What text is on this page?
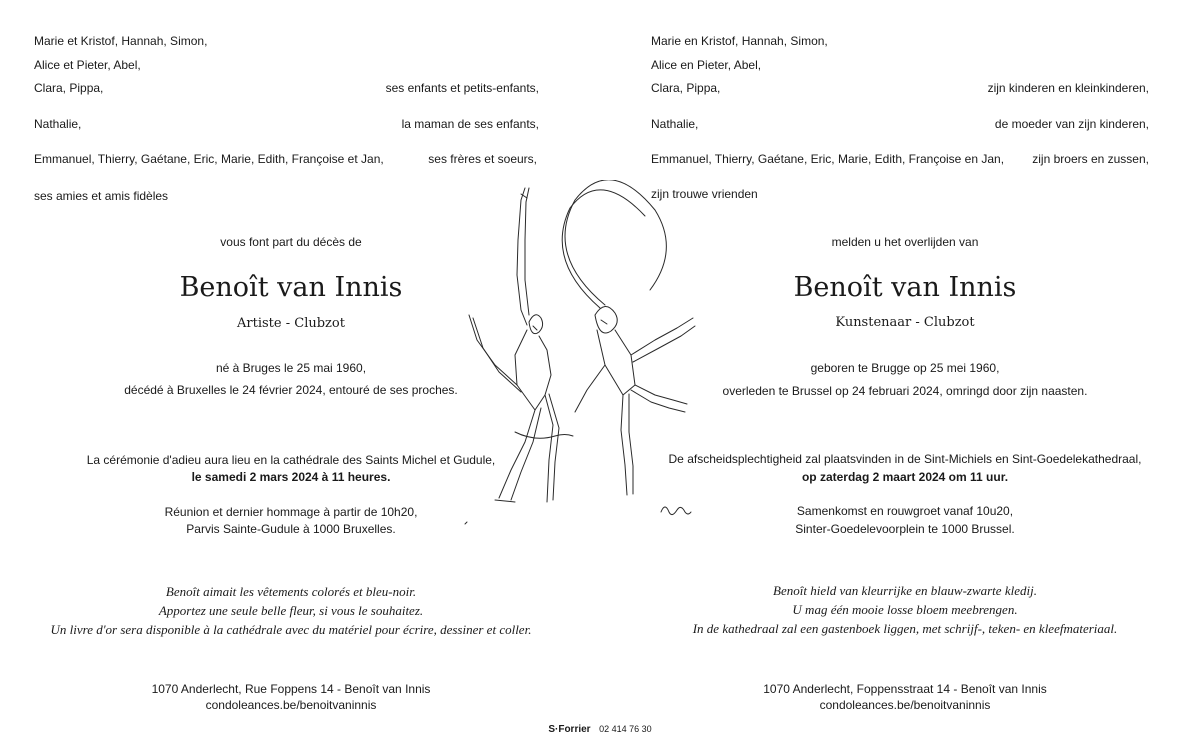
Marie et Kristof, Hannah, Simon,
Alice et Pieter, Abel,
Clara, Pippa,	ses enfants et petits-enfants,
Nathalie,	la maman de ses enfants,
Emmanuel, Thierry, Gaétane, Eric, Marie, Edith, Françoise et Jan,	ses frères et soeurs,
ses amies et amis fidèles
vous font part du décès de
Benoît van Innis
Artiste - Clubzot
né à Bruges le 25 mai 1960,
décédé à Bruxelles le 24 février 2024, entouré de ses proches.
La cérémonie d'adieu aura lieu en la cathédrale des Saints Michel et Gudule,
le samedi 2 mars 2024 à 11 heures.
Réunion et dernier hommage à partir de 10h20,
Parvis Sainte-Gudule à 1000 Bruxelles.
Benoît aimait les vêtements colorés et bleu-noir.
Apportez une seule belle fleur, si vous le souhaitez.
Un livre d'or sera disponible à la cathédrale avec du matériel pour écrire, dessiner et coller.
1070 Anderlecht, Rue Foppens 14 - Benoît van Innis
condoleances.be/benoitvaninnis
Marie en Kristof, Hannah, Simon,
Alice en Pieter, Abel,
Clara, Pippa,	zijn kinderen en kleinkinderen,
Nathalie,	de moeder van zijn kinderen,
Emmanuel, Thierry, Gaétane, Eric, Marie, Edith, Françoise en Jan,	zijn broers en zussen,
zijn trouwe vrienden
melden u het overlijden van
Benoît van Innis
Kunstenaar - Clubzot
geboren te Brugge op 25 mei 1960,
overleden te Brussel op 24 februari 2024, omringd door zijn naasten.
De afscheidsplechtigheid zal plaatsvinden in de Sint-Michiels en Sint-Goedelekathedraal,
op zaterdag 2 maart 2024 om 11 uur.
Samenkomst en rouwgroet vanaf 10u20,
Sinter-Goedelevoorplein te 1000 Brussel.
Benoît hield van kleurrijke en blauw-zwarte kledij.
U mag één mooie losse bloem meebrengen.
In de kathedraal zal een gastenboek liggen, met schrijf-, teken- en kleefmateriaal.
1070 Anderlecht, Foppensstraat 14 - Benoît van Innis
condoleances.be/benoitvaninnis
S·Forrier 02 414 76 30
